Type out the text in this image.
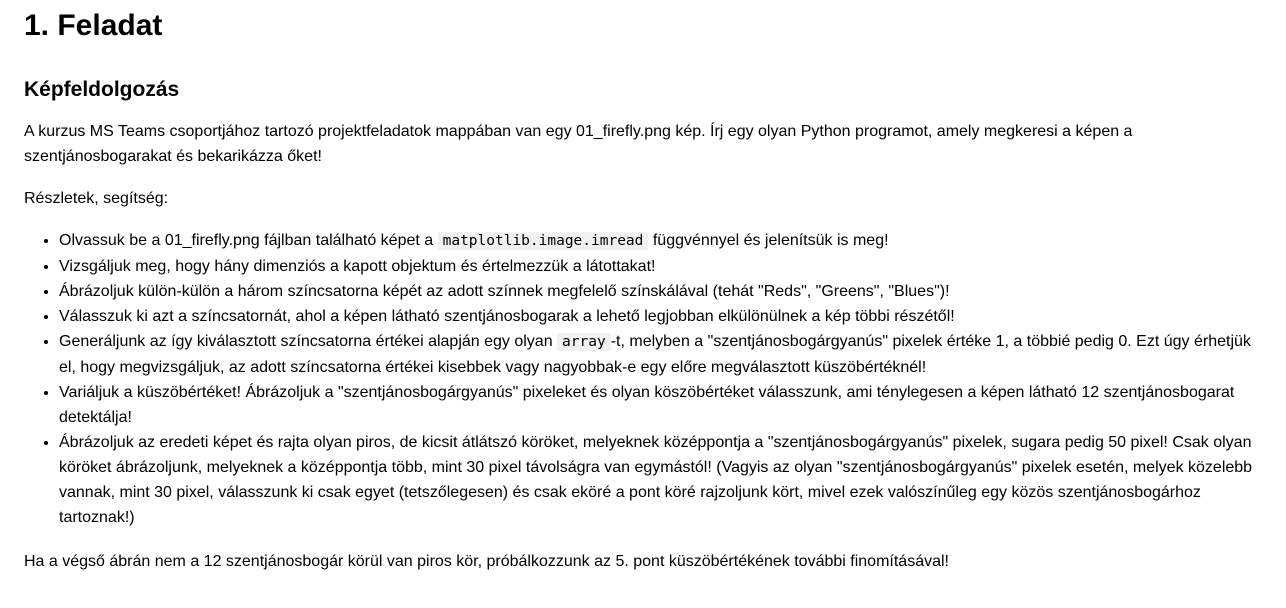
1. Feladat
Képfeldolgozás

A kurzus MS Teams csoportjához tartozó projektfeladatok mappában van egy 01_firefly.png kép. Írj egy olyan Python programot, amely megkeresi a képen a szentjánosbogarakat és bekarikázza őket!

Részletek, segítség:

• Olvassuk be a 01_firefly.png fájlban található képet a matplotlib.image.imread függvénnyel és jelenítsük is meg!
• Vizsgáljuk meg, hogy hány dimenziós a kapott objektum és értelmezzük a látottakat!
• Ábrázoljuk külön-külön a három színcsatorna képét az adott színnek megfelelő színskálával (tehát "Reds", "Greens", "Blues")!
• Válasszuk ki azt a színcsatornát, ahol a képen látható szentjánosbogarak a lehető legjobban elkülönülnek a kép többi részétől!
• Generáljunk az így kiválasztott színcsatorna értékei alapján egy olyan array -t, melyben a "szentjánosbogárgyanús" pixelek értéke 1, a többié pedig 0. Ezt úgy érhetjük el, hogy megvizsgáljuk, az adott színcsatorna értékei kisebbek vagy nagyobbak-e egy előre megválasztott küszöbértéknél!
• Variáljuk a küszöbértéket! Ábrázoljuk a "szentjánosbogárgyanús" pixeleket és olyan köszöbértéket válasszunk, ami ténylegesen a képen látható 12 szentjánosbogarat detektálja!
• Ábrázoljuk az eredeti képet és rajta olyan piros, de kicsit átlátszó köröket, melyeknek középpontja a "szentjánosbogárgyanús" pixelek, sugara pedig 50 pixel! Csak olyan köröket ábrázoljunk, melyeknek a középpontja több, mint 30 pixel távolságra van egymástól! (Vagyis az olyan "szentjánosbogárgyanús" pixelek esetén, melyek közelebb vannak, mint 30 pixel, válasszunk ki csak egyet (tetszőlegesen) és csak eköré a pont köré rajzoljunk kört, mivel ezek valószínűleg egy közös szentjánosbogárhoz tartoznak!)

Ha a végső ábrán nem a 12 szentjánosbogár körül van piros kör, próbálkozzunk az 5. pont küszöbértékének további finomításával!
